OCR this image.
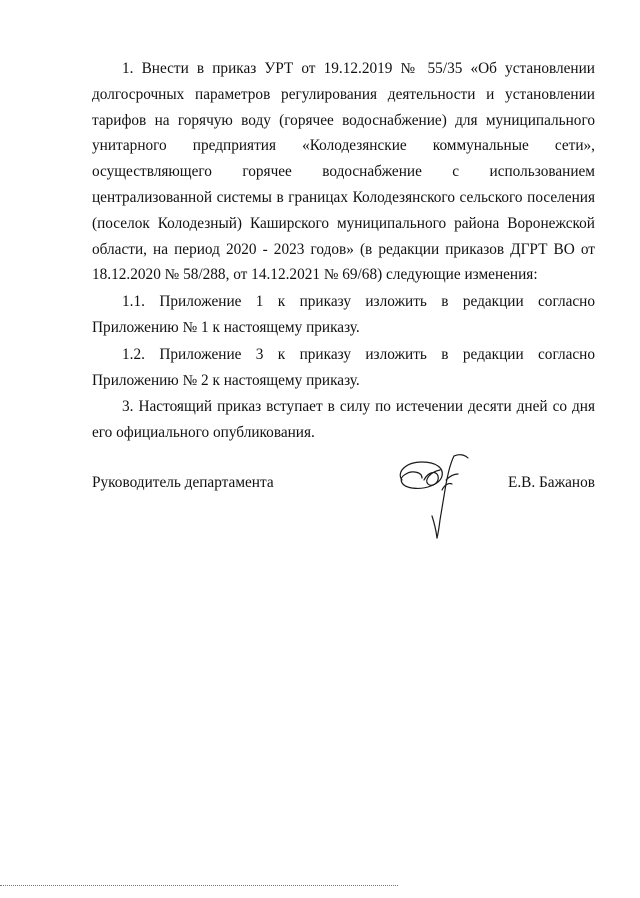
1. Внести в приказ УРТ от 19.12.2019 № 55/35 «Об установлении долгосрочных параметров регулирования деятельности и установлении тарифов на горячую воду (горячее водоснабжение) для муниципального унитарного предприятия «Колодезянские коммунальные сети», осуществляющего горячее водоснабжение с использованием централизованной системы в границах Колодезянского сельского поселения (поселок Колодезный) Каширского муниципального района Воронежской области, на период 2020 - 2023 годов» (в редакции приказов ДГРТ ВО от 18.12.2020 № 58/288, от 14.12.2021 № 69/68) следующие изменения:

1.1. Приложение 1 к приказу изложить в редакции согласно Приложению № 1 к настоящему приказу.

1.2. Приложение 3 к приказу изложить в редакции согласно Приложению № 2 к настоящему приказу.

3. Настоящий приказ вступает в силу по истечении десяти дней со дня его официального опубликования.

Руководитель департамента	Е.В. Бажанов
